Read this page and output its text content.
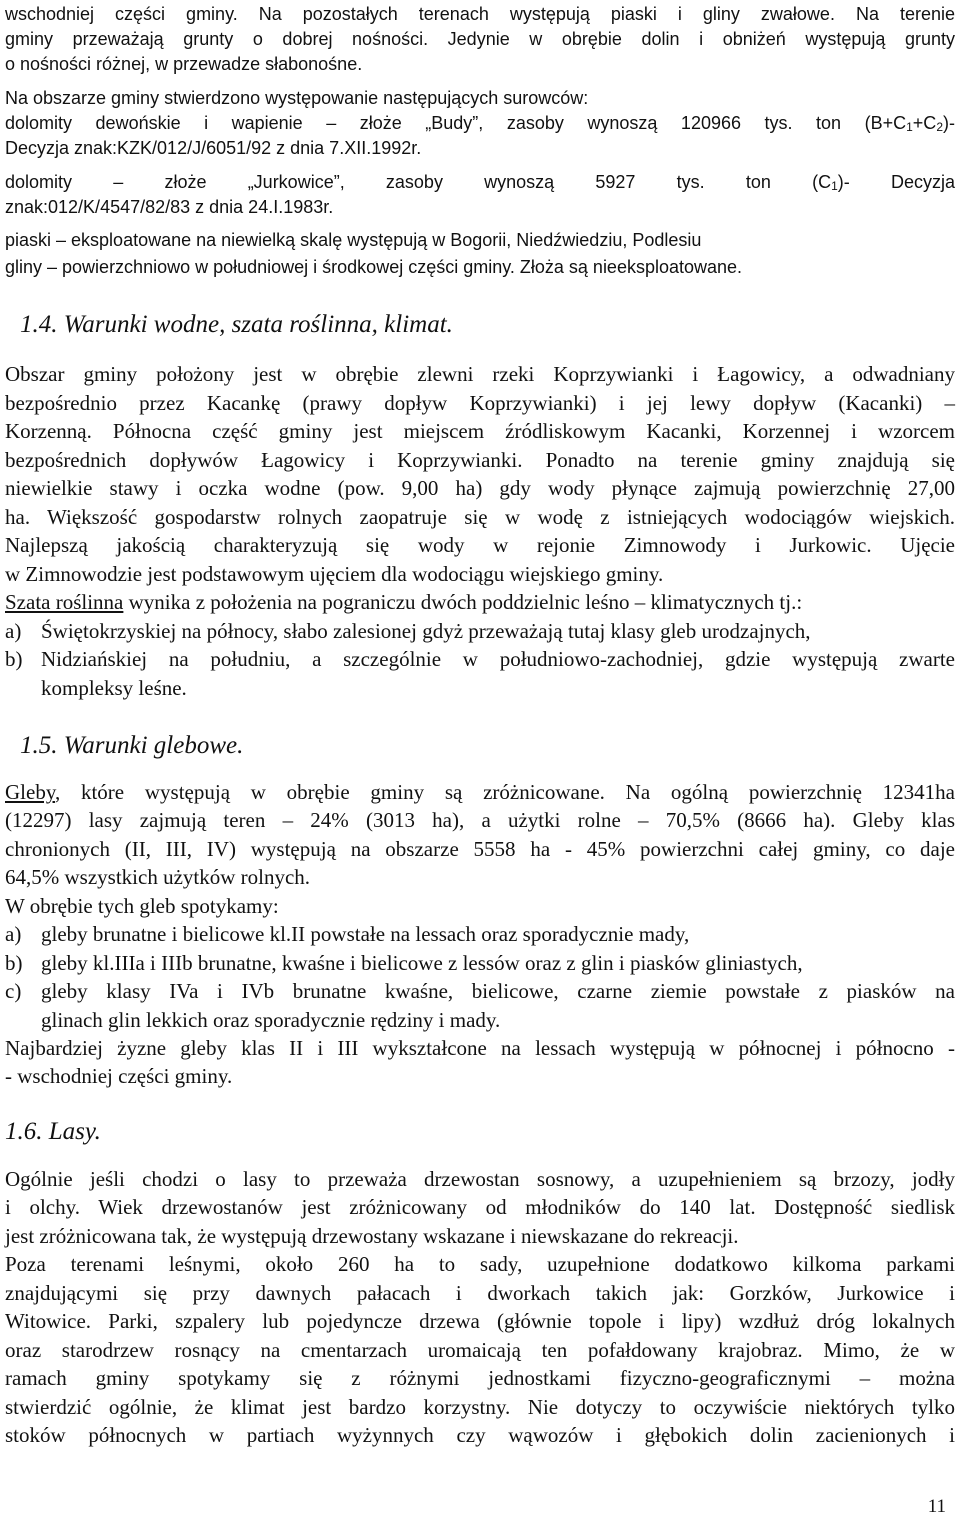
wschodniej części gminy. Na pozostałych terenach występują piaski i gliny zwałowe. Na terenie

gminy przeważają grunty o dobrej nośności. Jedynie w obrębie dolin i obniżeń występują grunty

o nośności różnej, w przewadze słabonośne.

Na obszarze gminy stwierdzono występowanie następujących surowców:

dolomity dewońskie i wapienie – złoże „Budy”, zasoby wynoszą 120966 tys. ton $(B+C_1+C_2)-$

Decyzja znak:KZK/012/J/6051/92 z dnia 7.XII.1992r.

dolomity – złoże „Jurkowice”, zasoby wynoszą 5927 tys. ton $(C_1)-$ Decyzja

znak:012/K/4547/82/83 z dnia 24.I.1983r.

piaski – eksploatowane na niewielką skalę występują w Bogorii, Niedźwiedziu, Podlesiu

gliny – powierzchniowo w południowej i środkowej części gminy. Złoża są nieeksploatowane.

1.4. Warunki wodne, szata roślinna, klimat.

Obszar gminy położony jest w obrębie zlewni rzeki Koprzywianki i Łagowicy, a odwadniany

bezpośrednio przez Kacankę (prawy dopływ Koprzywianki) i jej lewy dopływ (Kacanki) –

Korzenną. Północna część gminy jest miejscem źródliskowym Kacanki, Korzennej i wzorcem

bezpośrednich dopływów Łagowicy i Koprzywianki. Ponadto na terenie gminy znajdują się

niewielkie stawy i oczka wodne (pow. 9,00 ha) gdy wody płynące zajmują powierzchnię 27,00

ha. Większość gospodarstw rolnych zaopatruje się w wodę z istniejących wodociągów wiejskich.

Najlepszą jakością charakteryzują się wody w rejonie Zimnowody i Jurkowic. Ujęcie

w Zimnowodzie jest podstawowym ujęciem dla wodociągu wiejskiego gminy.

Szata roślinna wynika z położenia na pograniczu dwóch poddzielnic leśno – klimatycznych tj.:

a) Świętokrzyskiej na północy, słabo zalesionej gdyż przeważają tutaj klasy gleb urodzajnych,
b) Nidziańskiej na południu, a szczególnie w południowo-zachodniej, gdzie występują zwarte
kompleksy leśne.
1.5. Warunki glebowe.

Gleby, które występują w obrębie gminy są zróżnicowane. Na ogólną powierzchnię 12341ha

(12297) lasy zajmują teren – 24% (3013 ha), a użytki rolne – 70,5% (8666 ha). Gleby klas

chronionych (II, III, IV) występują na obszarze 5558 ha - 45% powierzchni całej gminy, co daje

64,5% wszystkich użytków rolnych.

W obrębie tych gleb spotykamy:

a) gleby brunatne i bielicowe kl.II powstałe na lessach oraz sporadycznie mady,
b) gleby kl.IIIa i IIIb brunatne, kwaśne i bielicowe z lessów oraz z glin i piasków gliniastych,
c) gleby klasy IVa i IVb brunatne kwaśne, bielicowe, czarne ziemie powstałe z piasków na
glinach glin lekkich oraz sporadycznie rędziny i mady.

Najbardziej żyzne gleby klas II i III wykształcone na lessach występują w północnej i północno -

- wschodniej części gminy.

1.6. Lasy.

Ogólnie jeśli chodzi o lasy to przeważa drzewostan sosnowy, a uzupełnieniem są brzozy, jodły

i olchy. Wiek drzewostanów jest zróżnicowany od młodników do 140 lat. Dostępność siedlisk

jest zróżnicowana tak, że występują drzewostany wskazane i niewskazane do rekreacji.

Poza terenami leśnymi, około 260 ha to sady, uzupełnione dodatkowo kilkoma parkami

znajdującymi się przy dawnych pałacach i dworkach takich jak: Gorzków, Jurkowice i

Witowice. Parki, szpalery lub pojedyncze drzewa (głównie topole i lipy) wzdłuż dróg lokalnych

oraz starodrzew rosnący na cmentarzach uromaicają ten pofałdowany krajobraz. Mimo, że w

ramach gminy spotykamy się z różnymi jednostkami fizyczno-geograficznymi – można

stwierdzić ogólnie, że klimat jest bardzo korzystny. Nie dotyczy to oczywiście niektórych tylko

stoków północnych w partiach wyżynnych czy wąwozów i głębokich dolin zacienionych i

11
